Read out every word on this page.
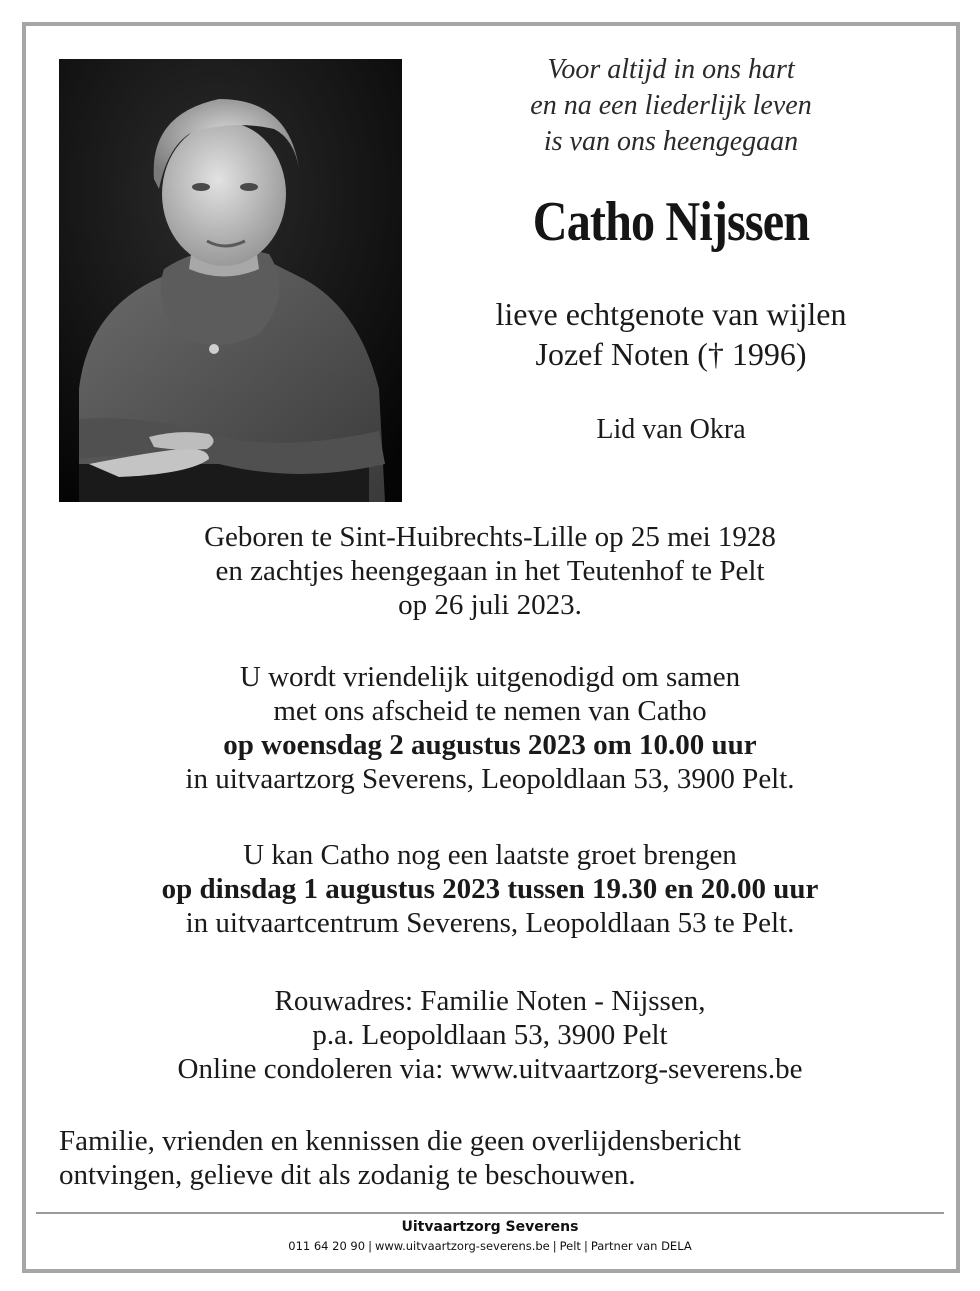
Voor altijd in ons hart
en na een liederlijk leven
is van ons heengegaan
Catho Nijssen
lieve echtgenote van wijlen
Jozef Noten († 1996)
Lid van Okra
Geboren te Sint-Huibrechts-Lille op 25 mei 1928
en zachtjes heengegaan in het Teutenhof te Pelt
op 26 juli 2023.
U wordt vriendelijk uitgenodigd om samen
met ons afscheid te nemen van Catho
op woensdag 2 augustus 2023 om 10.00 uur
in uitvaartzorg Severens, Leopoldlaan 53, 3900 Pelt.
U kan Catho nog een laatste groet brengen
op dinsdag 1 augustus 2023 tussen 19.30 en 20.00 uur
in uitvaartcentrum Severens, Leopoldlaan 53 te Pelt.
Rouwadres: Familie Noten - Nijssen,
p.a. Leopoldlaan 53, 3900 Pelt
Online condoleren via: www.uitvaartzorg-severens.be
Familie, vrienden en kennissen die geen overlijdensbericht
ontvingen, gelieve dit als zodanig te beschouwen.
Uitvaartzorg Severens
011 64 20 90 | www.uitvaartzorg-severens.be | Pelt | Partner van DELA
